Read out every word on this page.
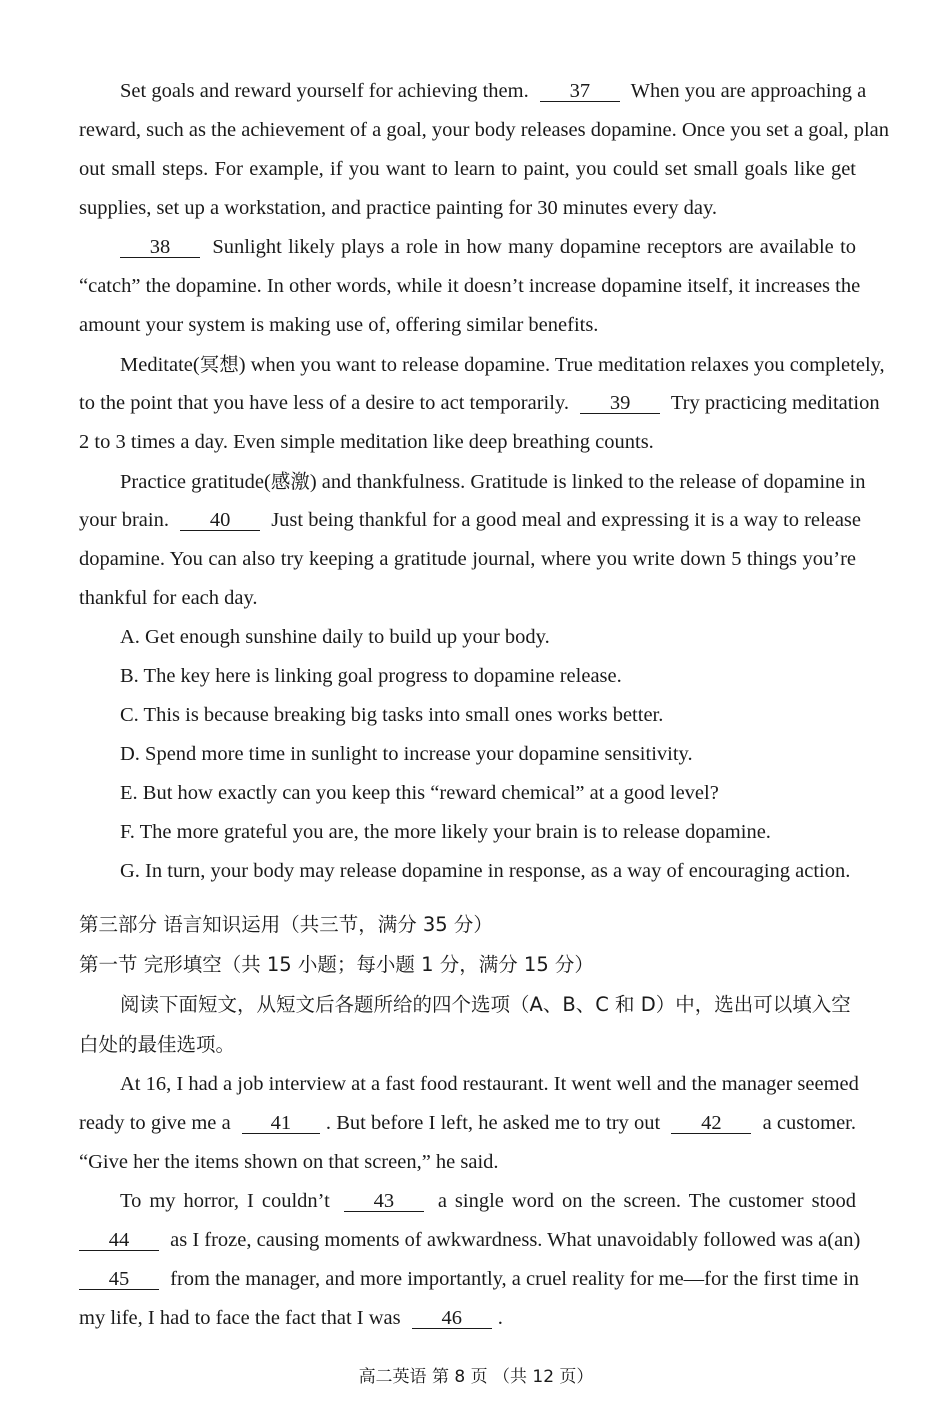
Set goals and reward yourself for achieving them. 37 When you are approaching a
reward, such as the achievement of a goal, your body releases dopamine. Once you set a goal, plan
out small steps. For example, if you want to learn to paint, you could set small goals like get
supplies, set up a workstation, and practice painting for 30 minutes every day.
38 Sunlight likely plays a role in how many dopamine receptors are available to
“catch” the dopamine. In other words, while it doesn’t increase dopamine itself, it increases the
amount your system is making use of, offering similar benefits.
Meditate(冥想) when you want to release dopamine. True meditation relaxes you completely,
to the point that you have less of a desire to act temporarily. 39 Try practicing meditation
2 to 3 times a day. Even simple meditation like deep breathing counts.
Practice gratitude(感激) and thankfulness. Gratitude is linked to the release of dopamine in
your brain. 40 Just being thankful for a good meal and expressing it is a way to release
dopamine. You can also try keeping a gratitude journal, where you write down 5 things you’re
thankful for each day.
A. Get enough sunshine daily to build up your body.
B. The key here is linking goal progress to dopamine release.
C. This is because breaking big tasks into small ones works better.
D. Spend more time in sunlight to increase your dopamine sensitivity.
E. But how exactly can you keep this “reward chemical” at a good level?
F. The more grateful you are, the more likely your brain is to release dopamine.
G. In turn, your body may release dopamine in response, as a way of encouraging action.
第三部分 语言知识运用（共三节，满分 35 分）
第一节 完形填空（共 15 小题；每小题 1 分，满分 15 分）
阅读下面短文，从短文后各题所给的四个选项（A、B、C 和 D）中，选出可以填入空
白处的最佳选项。
At 16, I had a job interview at a fast food restaurant. It went well and the manager seemed
ready to give me a 41 . But before I left, he asked me to try out 42 a customer.
“Give her the items shown on that screen,” he said.
To my horror, I couldn’t 43 a single word on the screen. The customer stood
44 as I froze, causing moments of awkwardness. What unavoidably followed was a(an)
45 from the manager, and more importantly, a cruel reality for me—for the first time in
my life, I had to face the fact that I was 46 .
高二英语 第 8 页 （共 12 页）
